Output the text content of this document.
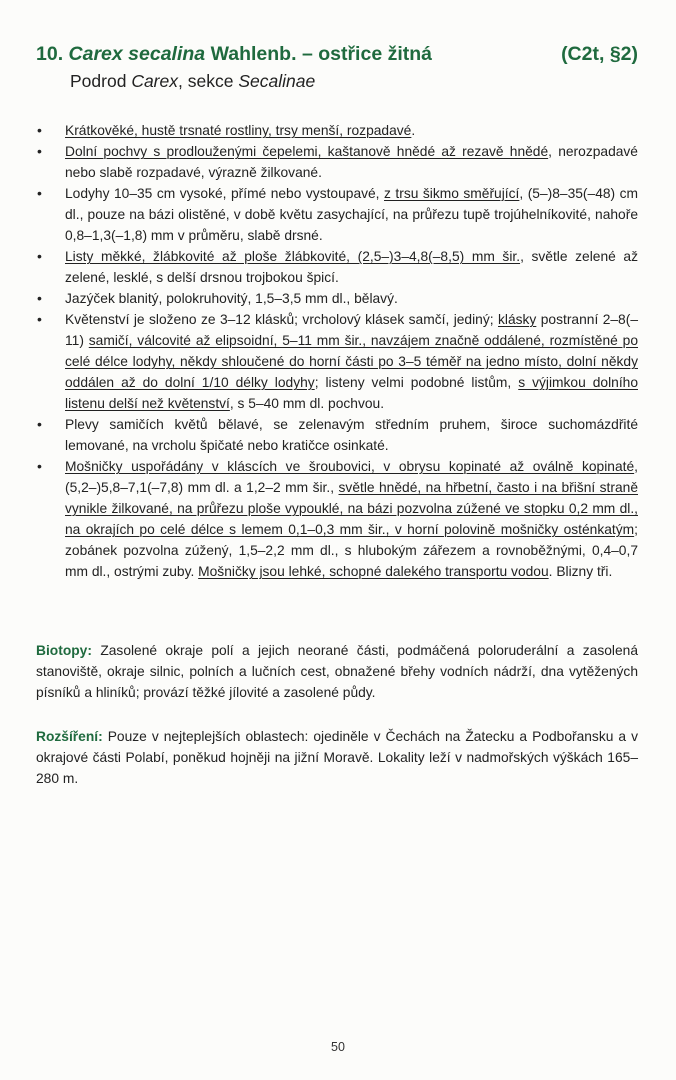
10. Carex secalina Wahlenb. – ostřice žitná	(C2t, §2)
Podrod Carex, sekce Secalinae
• Krátkověké, hustě trsnaté rostliny, trsy menší, rozpadavé.
• Dolní pochvy s prodlouženými čepelemi, kaštanově hnědé až rezavě hnědé, nerozpadavé nebo slabě rozpadavé, výrazně žilkované.
• Lodyhy 10–35 cm vysoké, přímé nebo vystoupavé, z trsu šikmo směřující, (5–)8–35(–48) cm dl., pouze na bázi olistěné, v době květu zasychající, na průřezu tupě trojúhelníkovité, nahoře 0,8–1,3(–1,8) mm v průměru, slabě drsné.
• Listy měkké, žlábkovité až ploše žlábkovité, (2,5–)3–4,8(–8,5) mm šir., světle zelené až zelené, lesklé, s delší drsnou trojbokou špicí.
• Jazýček blanitý, polokruhovitý, 1,5–3,5 mm dl., bělavý.
• Květenství je složeno ze 3–12 klásků; vrcholový klásek samčí, jediný; klásky postranní 2–8(–11) samičí, válcovité až elipsoidní, 5–11 mm šir., navzájem značně oddálené, rozmístěné po celé délce lodyhy, někdy shloučené do horní části po 3–5 téměř na jedno místo, dolní někdy oddálen až do dolní 1/10 délky lodyhy; listeny velmi podobné listům, s výjimkou dolního listenu delší než květenství, s 5–40 mm dl. pochvou.
• Plevy samičích květů bělavé, se zelenavým středním pruhem, široce suchomázdřité lemované, na vrcholu špičaté nebo kratičce osinkaté.
• Mošničky uspořádány v kláscích ve šroubovici, v obrysu kopinaté až oválně kopinaté, (5,2–)5,8–7,1(–7,8) mm dl. a 1,2–2 mm šir., světle hnědé, na hřbetní, často i na břišní straně vynikle žilkované, na průřezu ploše vypouklé, na bázi pozvolna zúžené ve stopku 0,2 mm dl., na okrajích po celé délce s lemem 0,1–0,3 mm šir., v horní polovině mošničky osténkatým; zobánek pozvolna zúžený, 1,5–2,2 mm dl., s hlubokým zářezem a rovnoběžnými, 0,4–0,7 mm dl., ostrými zuby. Mošničky jsou lehké, schopné dalekého transportu vodou. Blizny tři.
Biotopy: Zasolené okraje polí a jejich neorané části, podmáčená poloruderální a zasolená stanoviště, okraje silnic, polních a lučních cest, obnažené břehy vodních nádrží, dna vytěžených písníků a hliníků; provází těžké jílovité a zasolené půdy.
Rozšíření: Pouze v nejteplejších oblastech: ojediněle v Čechách na Žatecku a Podbořansku a v okrajové části Polabí, poněkud hojněji na jižní Moravě. Lokality leží v nadmořských výškách 165–280 m.
50
